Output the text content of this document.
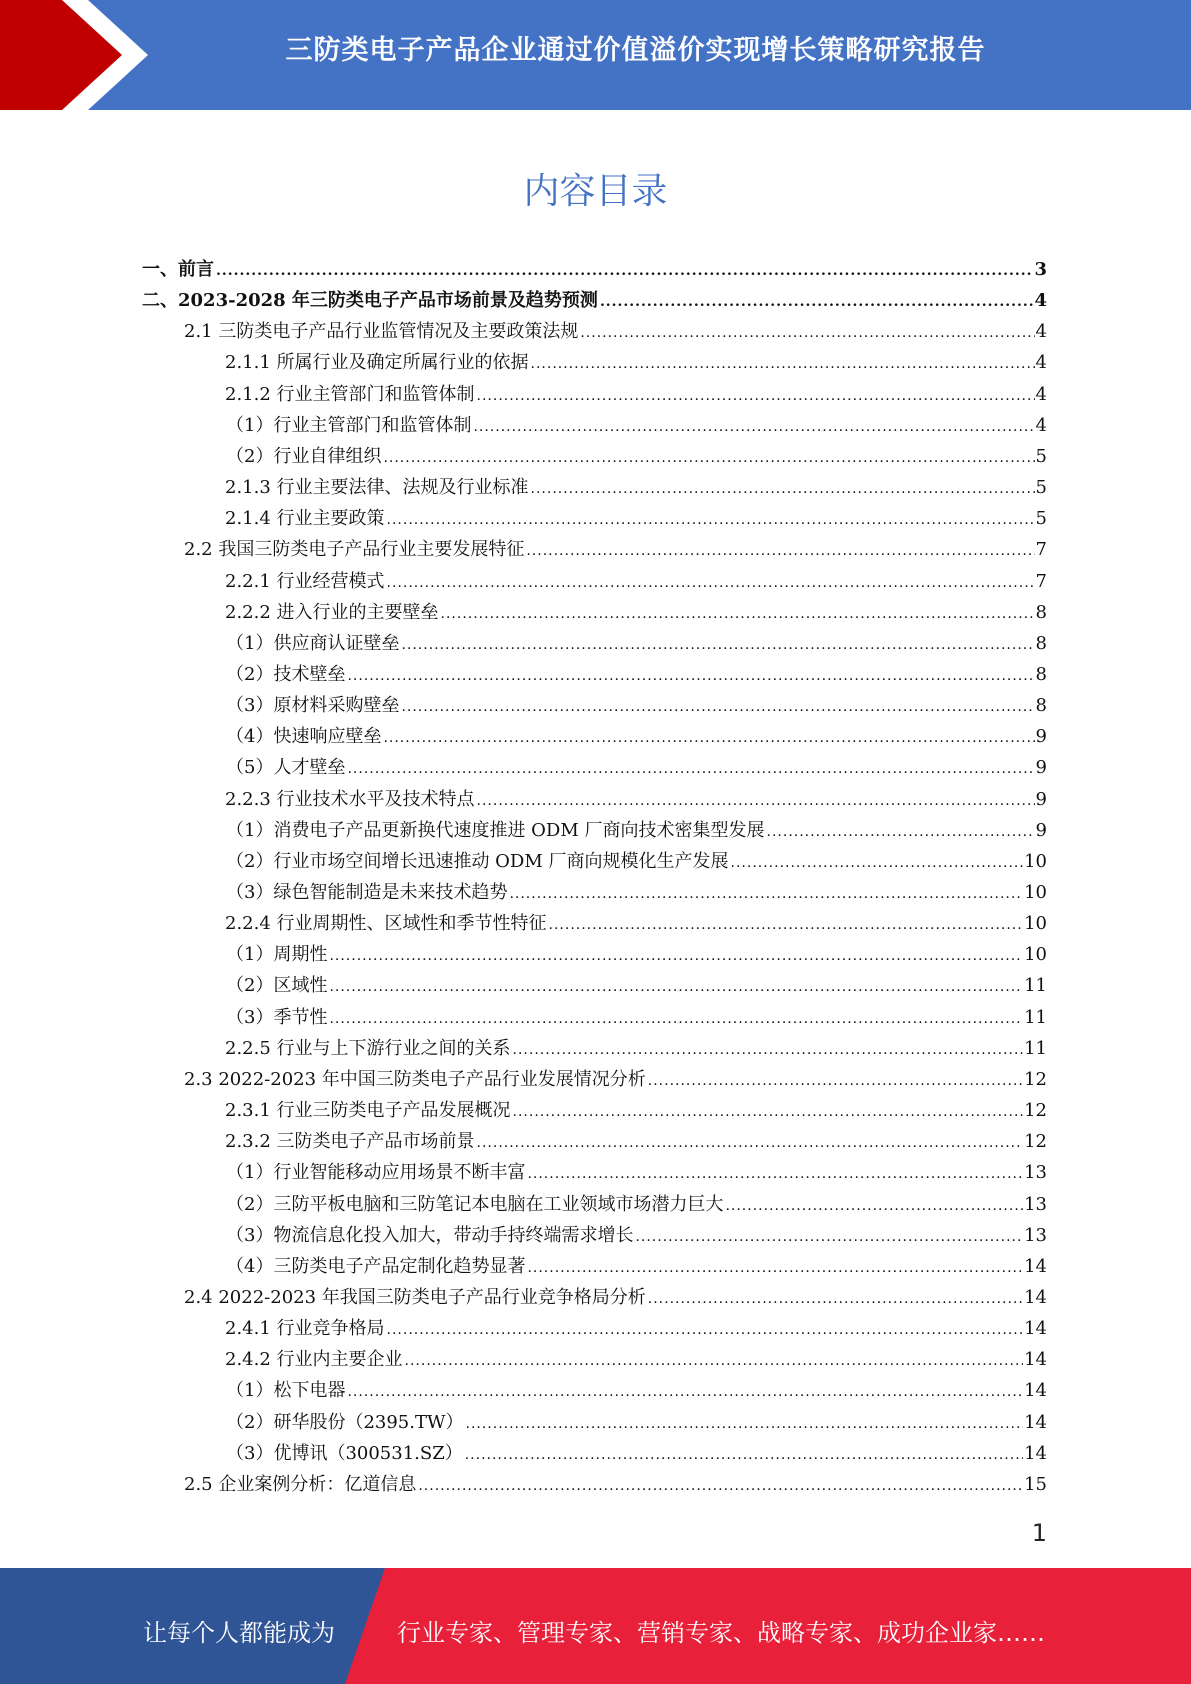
三防类电子产品企业通过价值溢价实现增长策略研究报告
内容目录
一、前言 .....	3
二、2023-2028 年三防类电子产品市场前景及趋势预测 .....	4
2.1 三防类电子产品行业监管情况及主要政策法规 .....	4
2.1.1 所属行业及确定所属行业的依据 .....	4
2.1.2 行业主管部门和监管体制 .....	4
（1）行业主管部门和监管体制 .....	4
（2）行业自律组织 .....	5
2.1.3 行业主要法律、法规及行业标准 .....	5
2.1.4 行业主要政策 .....	5
2.2 我国三防类电子产品行业主要发展特征 .....	7
2.2.1 行业经营模式 .....	7
2.2.2 进入行业的主要壁垒 .....	8
（1）供应商认证壁垒 .....	8
（2）技术壁垒 .....	8
（3）原材料采购壁垒 .....	8
（4）快速响应壁垒 .....	9
（5）人才壁垒 .....	9
2.2.3 行业技术水平及技术特点 .....	9
（1）消费电子产品更新换代速度推进 ODM 厂商向技术密集型发展 .....	9
（2）行业市场空间增长迅速推动 ODM 厂商向规模化生产发展 .....	10
（3）绿色智能制造是未来技术趋势 .....	10
2.2.4 行业周期性、区域性和季节性特征 .....	10
（1）周期性 .....	10
（2）区域性 .....	11
（3）季节性 .....	11
2.2.5 行业与上下游行业之间的关系 .....	11
2.3 2022-2023 年中国三防类电子产品行业发展情况分析 .....	12
2.3.1 行业三防类电子产品发展概况 .....	12
2.3.2 三防类电子产品市场前景 .....	12
（1）行业智能移动应用场景不断丰富 .....	13
（2）三防平板电脑和三防笔记本电脑在工业领域市场潜力巨大 .....	13
（3）物流信息化投入加大，带动手持终端需求增长 .....	13
（4）三防类电子产品定制化趋势显著 .....	14
2.4 2022-2023 年我国三防类电子产品行业竞争格局分析 .....	14
2.4.1 行业竞争格局 .....	14
2.4.2 行业内主要企业 .....	14
（1）松下电器 .....	14
（2）研华股份（2395.TW） .....	14
（3）优博讯（300531.SZ） .....	14
2.5 企业案例分析：亿道信息 .....	15
1
让每个人都能成为	行业专家、管理专家、营销专家、战略专家、成功企业家……
